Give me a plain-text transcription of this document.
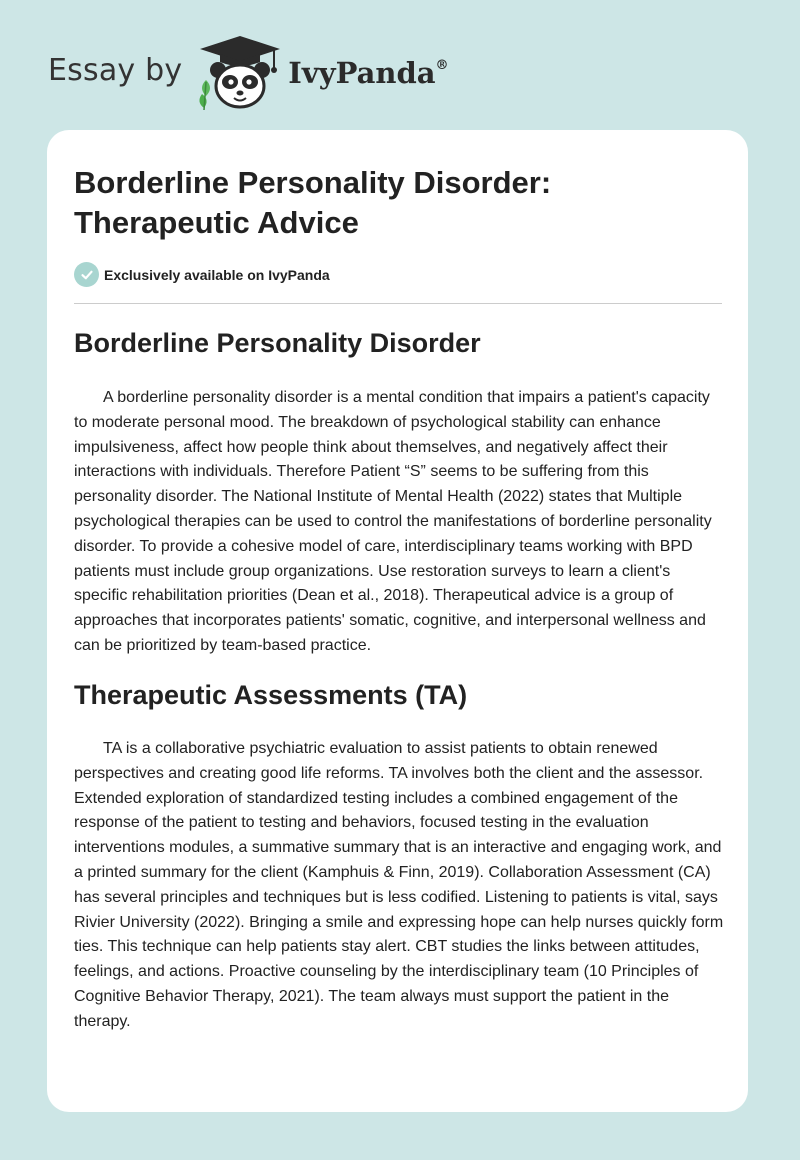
Essay by	IvyPanda®
Borderline Personality Disorder: Therapeutic Advice
Exclusively available on IvyPanda
Borderline Personality Disorder

A borderline personality disorder is a mental condition that impairs a patient's capacity to moderate personal mood. The breakdown of psychological stability can enhance impulsiveness, affect how people think about themselves, and negatively affect their interactions with individuals. Therefore Patient “S” seems to be suffering from this personality disorder. The National Institute of Mental Health (2022) states that Multiple psychological therapies can be used to control the manifestations of borderline personality disorder. To provide a cohesive model of care, interdisciplinary teams working with BPD patients must include group organizations. Use restoration surveys to learn a client's specific rehabilitation priorities (Dean et al., 2018). Therapeutical advice is a group of approaches that incorporates patients' somatic, cognitive, and interpersonal wellness and can be prioritized by team-based practice.

Therapeutic Assessments (TA)

TA is a collaborative psychiatric evaluation to assist patients to obtain renewed perspectives and creating good life reforms. TA involves both the client and the assessor. Extended exploration of standardized testing includes a combined engagement of the response of the patient to testing and behaviors, focused testing in the evaluation interventions modules, a summative summary that is an interactive and engaging work, and a printed summary for the client (Kamphuis & Finn, 2019). Collaboration Assessment (CA) has several principles and techniques but is less codified. Listening to patients is vital, says Rivier University (2022). Bringing a smile and expressing hope can help nurses quickly form ties. This technique can help patients stay alert. CBT studies the links between attitudes, feelings, and actions. Proactive counseling by the interdisciplinary team (10 Principles of Cognitive Behavior Therapy, 2021). The team always must support the patient in the therapy.
